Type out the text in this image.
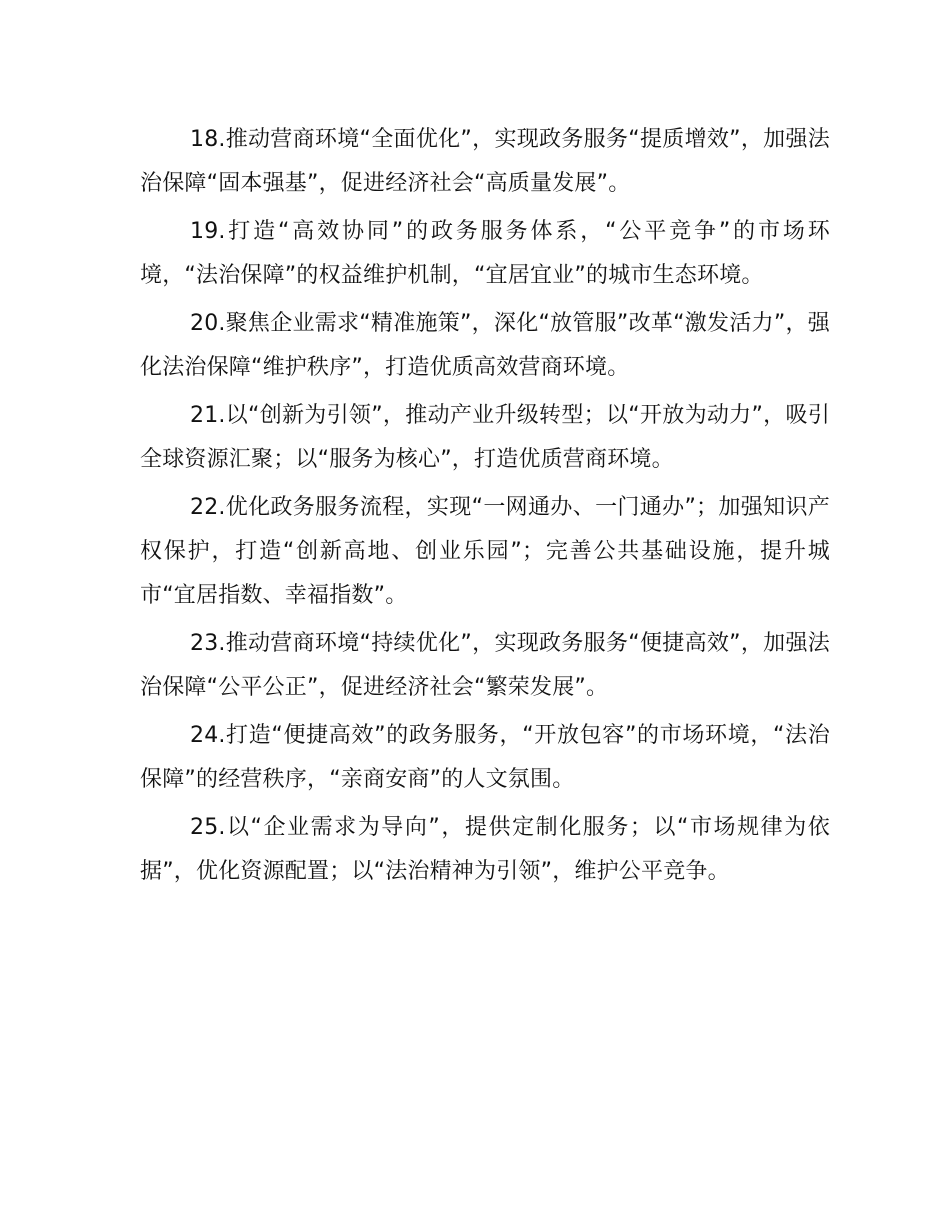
18.推动营商环境“全面优化”，实现政务服务“提质增效”，加强法治保障“固本强基”，促进经济社会“高质量发展”。

19.打造“高效协同”的政务服务体系，“公平竞争”的市场环境，“法治保障”的权益维护机制，“宜居宜业”的城市生态环境。

20.聚焦企业需求“精准施策”，深化“放管服”改革“激发活力”，强化法治保障“维护秩序”，打造优质高效营商环境。

21.以“创新为引领”，推动产业升级转型；以“开放为动力”，吸引全球资源汇聚；以“服务为核心”，打造优质营商环境。

22.优化政务服务流程，实现“一网通办、一门通办”；加强知识产权保护，打造“创新高地、创业乐园”；完善公共基础设施，提升城市“宜居指数、幸福指数”。

23.推动营商环境“持续优化”，实现政务服务“便捷高效”，加强法治保障“公平公正”，促进经济社会“繁荣发展”。

24.打造“便捷高效”的政务服务，“开放包容”的市场环境，“法治保障”的经营秩序，“亲商安商”的人文氛围。

25.以“企业需求为导向”，提供定制化服务；以“市场规律为依据”，优化资源配置；以“法治精神为引领”，维护公平竞争。
